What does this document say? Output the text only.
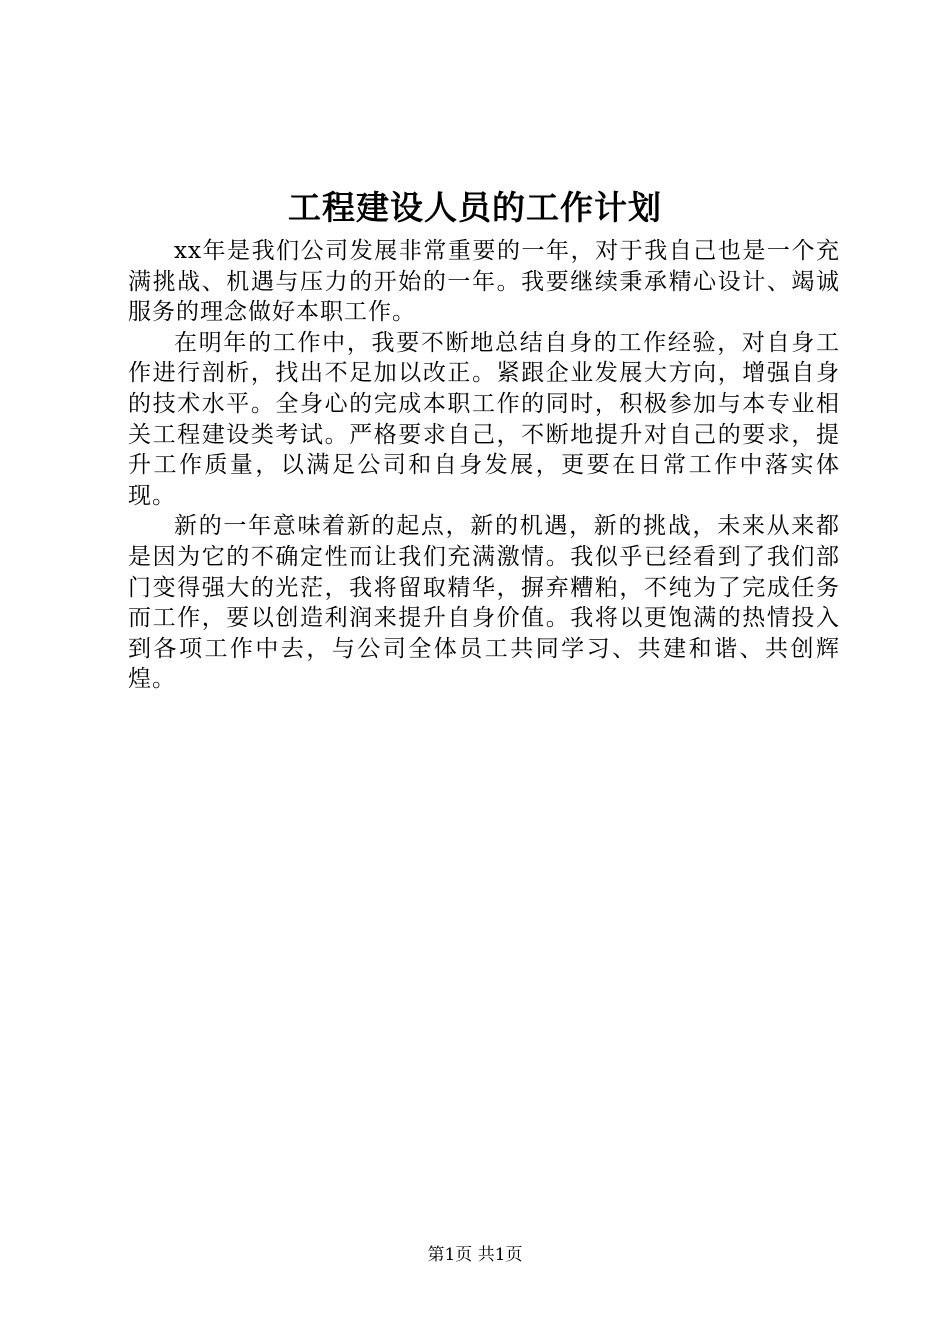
工程建设人员的工作计划

xx年是我们公司发展非常重要的一年，对于我自己也是一个充满挑战、机遇与压力的开始的一年。我要继续秉承精心设计、竭诚服务的理念做好本职工作。

在明年的工作中，我要不断地总结自身的工作经验，对自身工作进行剖析，找出不足加以改正。紧跟企业发展大方向，增强自身的技术水平。全身心的完成本职工作的同时，积极参加与本专业相关工程建设类考试。严格要求自己，不断地提升对自己的要求，提升工作质量，以满足公司和自身发展，更要在日常工作中落实体现。

新的一年意味着新的起点，新的机遇，新的挑战，未来从来都是因为它的不确定性而让我们充满激情。我似乎已经看到了我们部门变得强大的光茫，我将留取精华，摒弃糟粕，不纯为了完成任务而工作，要以创造利润来提升自身价值。我将以更饱满的热情投入到各项工作中去，与公司全体员工共同学习、共建和谐、共创辉煌。

第1页 共1页
